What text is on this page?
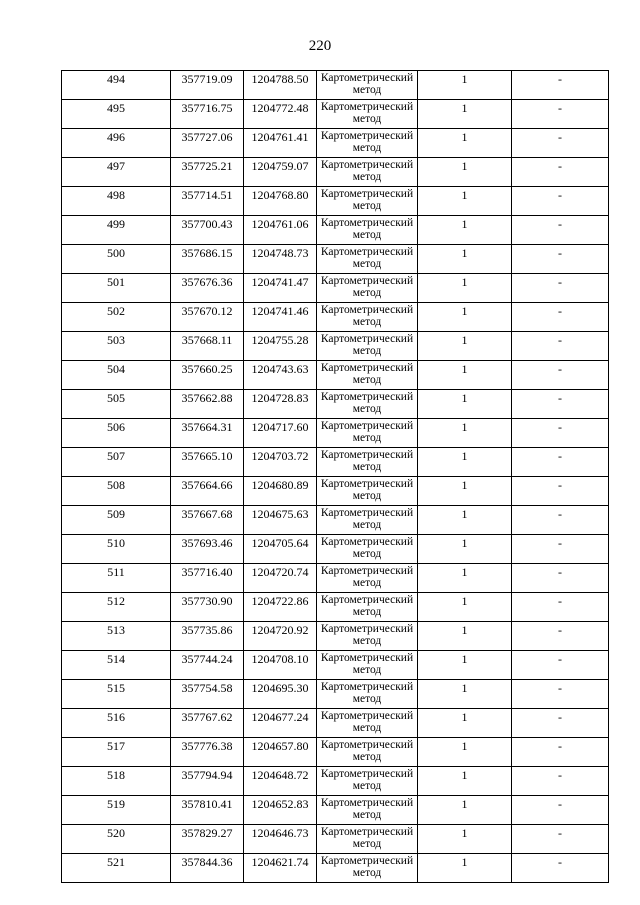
220
494	357719.09	1204788.50	Картометрический метод	1	-
495	357716.75	1204772.48	Картометрический метод	1	-
496	357727.06	1204761.41	Картометрический метод	1	-
497	357725.21	1204759.07	Картометрический метод	1	-
498	357714.51	1204768.80	Картометрический метод	1	-
499	357700.43	1204761.06	Картометрический метод	1	-
500	357686.15	1204748.73	Картометрический метод	1	-
501	357676.36	1204741.47	Картометрический метод	1	-
502	357670.12	1204741.46	Картометрический метод	1	-
503	357668.11	1204755.28	Картометрический метод	1	-
504	357660.25	1204743.63	Картометрический метод	1	-
505	357662.88	1204728.83	Картометрический метод	1	-
506	357664.31	1204717.60	Картометрический метод	1	-
507	357665.10	1204703.72	Картометрический метод	1	-
508	357664.66	1204680.89	Картометрический метод	1	-
509	357667.68	1204675.63	Картометрический метод	1	-
510	357693.46	1204705.64	Картометрический метод	1	-
511	357716.40	1204720.74	Картометрический метод	1	-
512	357730.90	1204722.86	Картометрический метод	1	-
513	357735.86	1204720.92	Картометрический метод	1	-
514	357744.24	1204708.10	Картометрический метод	1	-
515	357754.58	1204695.30	Картометрический метод	1	-
516	357767.62	1204677.24	Картометрический метод	1	-
517	357776.38	1204657.80	Картометрический метод	1	-
518	357794.94	1204648.72	Картометрический метод	1	-
519	357810.41	1204652.83	Картометрический метод	1	-
520	357829.27	1204646.73	Картометрический метод	1	-
521	357844.36	1204621.74	Картометрический метод	1	-
